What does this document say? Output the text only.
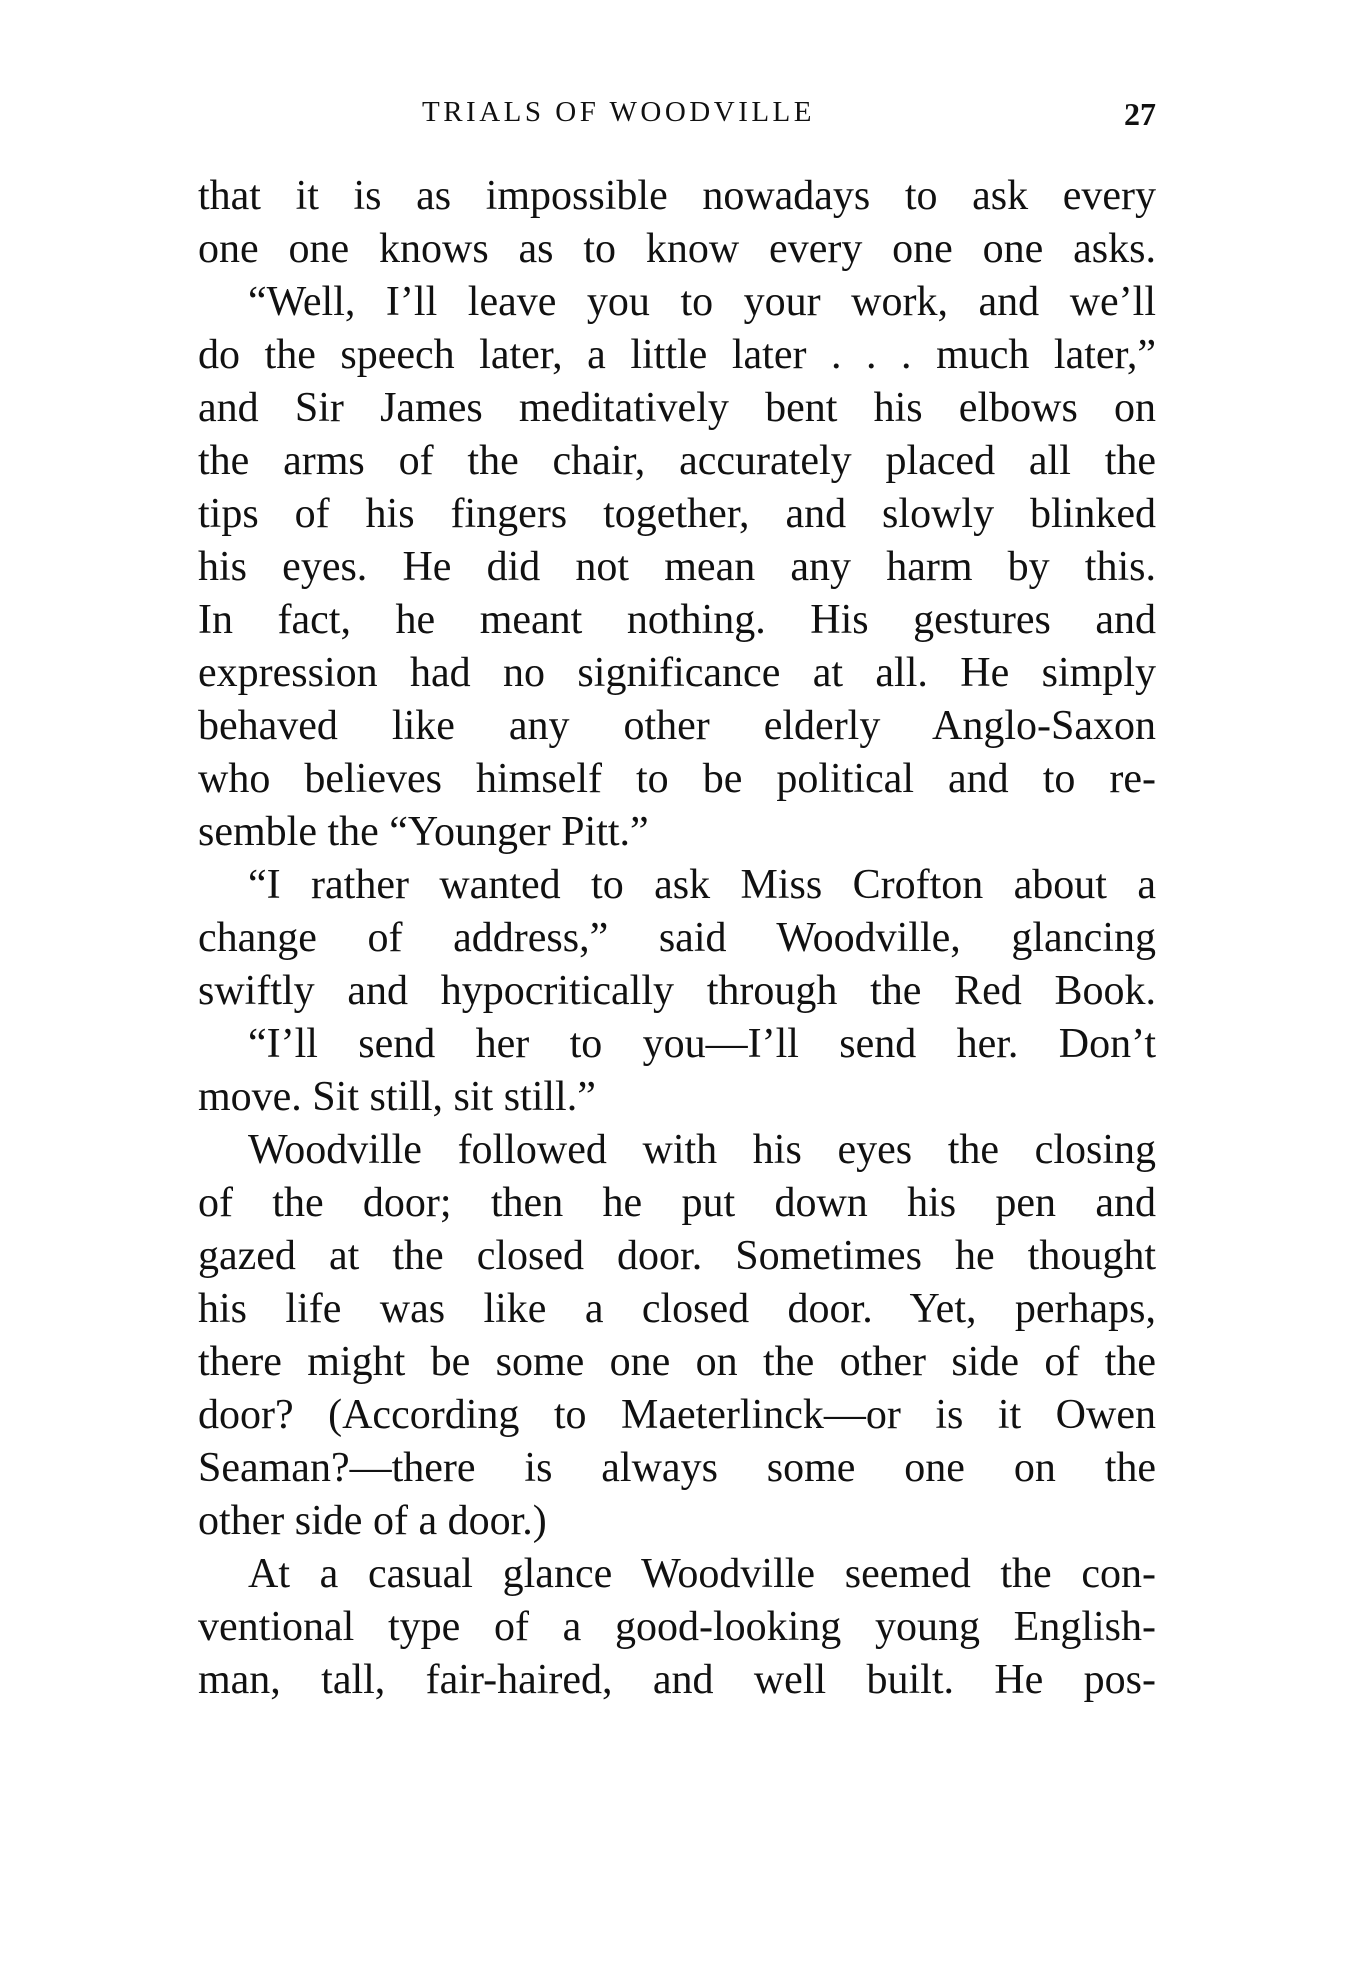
TRIALS OF WOODVILLE	27
that it is as impossible nowadays to ask every
one one knows as to know every one one asks.
“Well, I’ll leave you to your work, and we’ll
do the speech later, a little later . . . much later,”
and Sir James meditatively bent his elbows on
the arms of the chair, accurately placed all the
tips of his fingers together, and slowly blinked
his eyes. He did not mean any harm by this.
In fact, he meant nothing. His gestures and
expression had no significance at all. He simply
behaved like any other elderly Anglo-Saxon
who believes himself to be political and to re-
semble the “Younger Pitt.”
“I rather wanted to ask Miss Crofton about a
change of address,” said Woodville, glancing
swiftly and hypocritically through the Red Book.
“I’ll send her to you—I’ll send her. Don’t
move. Sit still, sit still.”
Woodville followed with his eyes the closing
of the door; then he put down his pen and
gazed at the closed door. Sometimes he thought
his life was like a closed door. Yet, perhaps,
there might be some one on the other side of the
door? (According to Maeterlinck—or is it Owen
Seaman?—there is always some one on the
other side of a door.)
At a casual glance Woodville seemed the con-
ventional type of a good-looking young English-
man, tall, fair-haired, and well built. He pos-
